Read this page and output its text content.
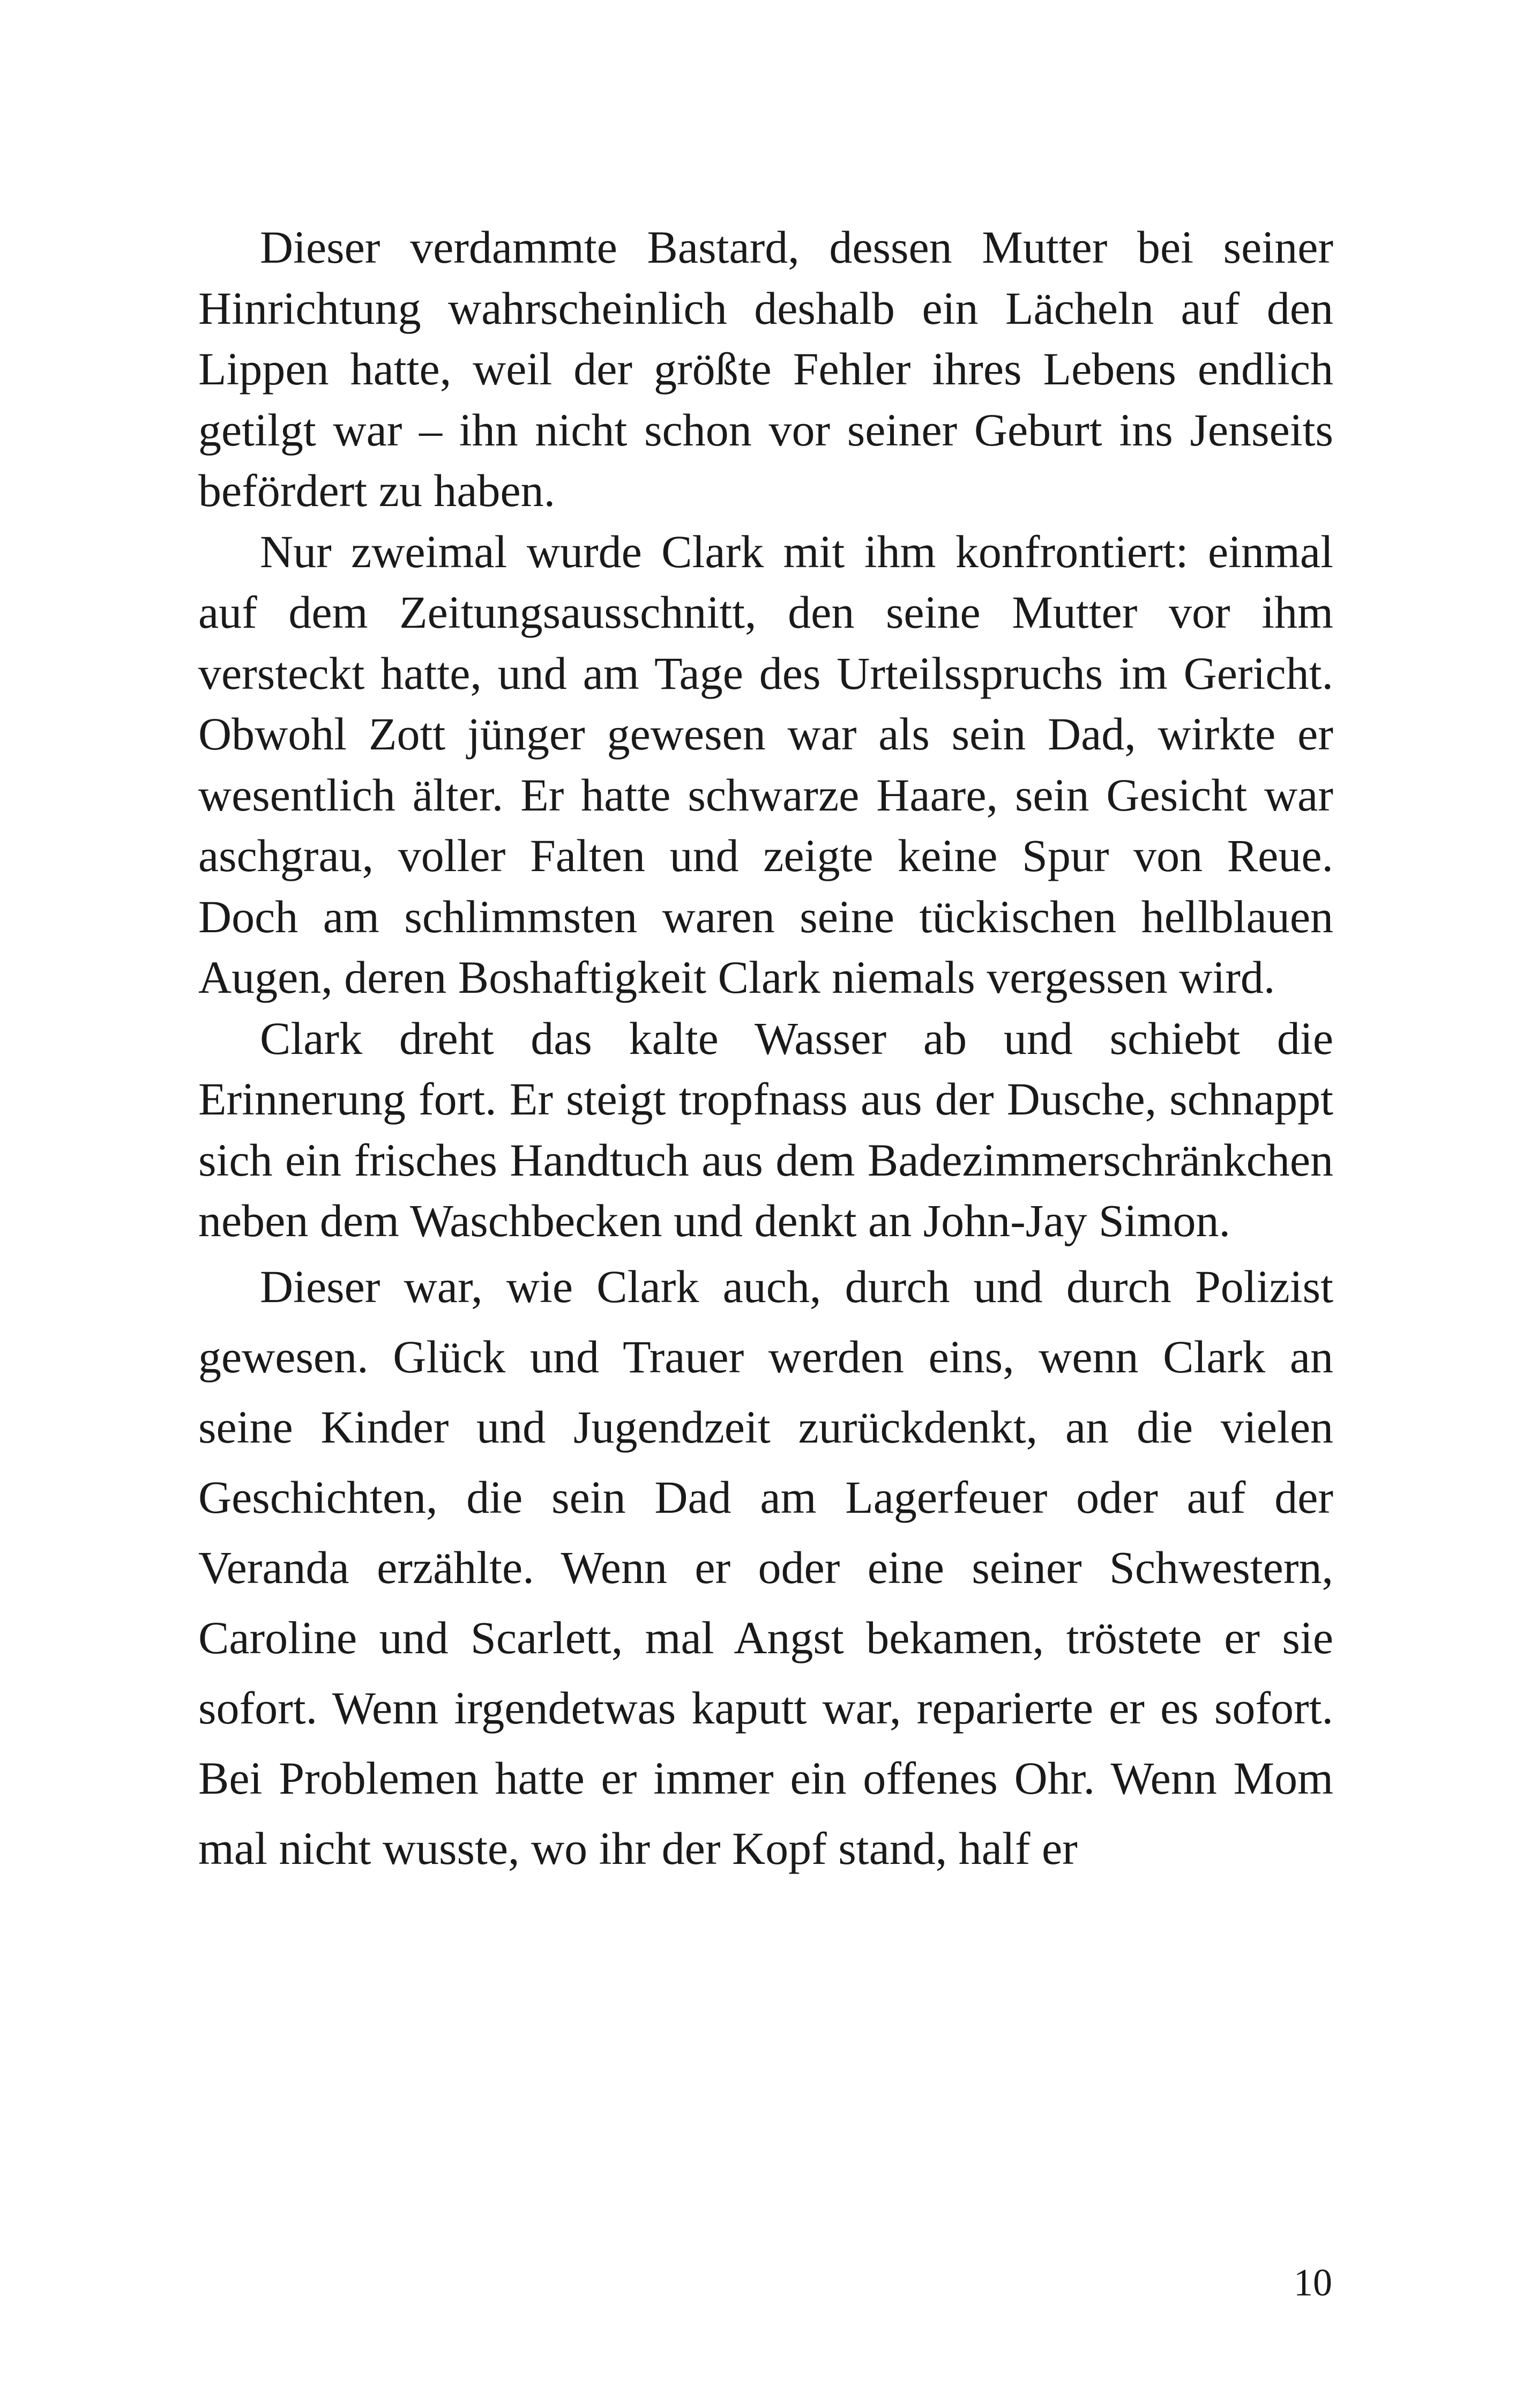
Dieser verdammte Bastard, dessen Mutter bei seiner Hinrichtung wahrscheinlich deshalb ein Lächeln auf den Lippen hatte, weil der größte Fehler ihres Lebens endlich getilgt war – ihn nicht schon vor seiner Geburt ins Jenseits befördert zu haben.

Nur zweimal wurde Clark mit ihm konfrontiert: einmal auf dem Zeitungsausschnitt, den seine Mutter vor ihm versteckt hatte, und am Tage des Urteilsspruchs im Gericht. Obwohl Zott jünger gewesen war als sein Dad, wirkte er wesentlich älter. Er hatte schwarze Haare, sein Gesicht war aschgrau, voller Falten und zeigte keine Spur von Reue. Doch am schlimmsten waren seine tückischen hellblauen Augen, deren Boshaftigkeit Clark niemals vergessen wird.

Clark dreht das kalte Wasser ab und schiebt die Erinnerung fort. Er steigt tropfnass aus der Dusche, schnappt sich ein frisches Handtuch aus dem Badezimmerschränkchen neben dem Waschbecken und denkt an John-Jay Simon.

Dieser war, wie Clark auch, durch und durch Polizist gewesen. Glück und Trauer werden eins, wenn Clark an seine Kinder und Jugendzeit zurückdenkt, an die vielen Geschichten, die sein Dad am Lagerfeuer oder auf der Veranda erzählte. Wenn er oder eine seiner Schwestern, Caroline und Scarlett, mal Angst bekamen, tröstete er sie sofort. Wenn irgendetwas kaputt war, reparierte er es sofort. Bei Problemen hatte er immer ein offenes Ohr. Wenn Mom mal nicht wusste, wo ihr der Kopf stand, half er

10
